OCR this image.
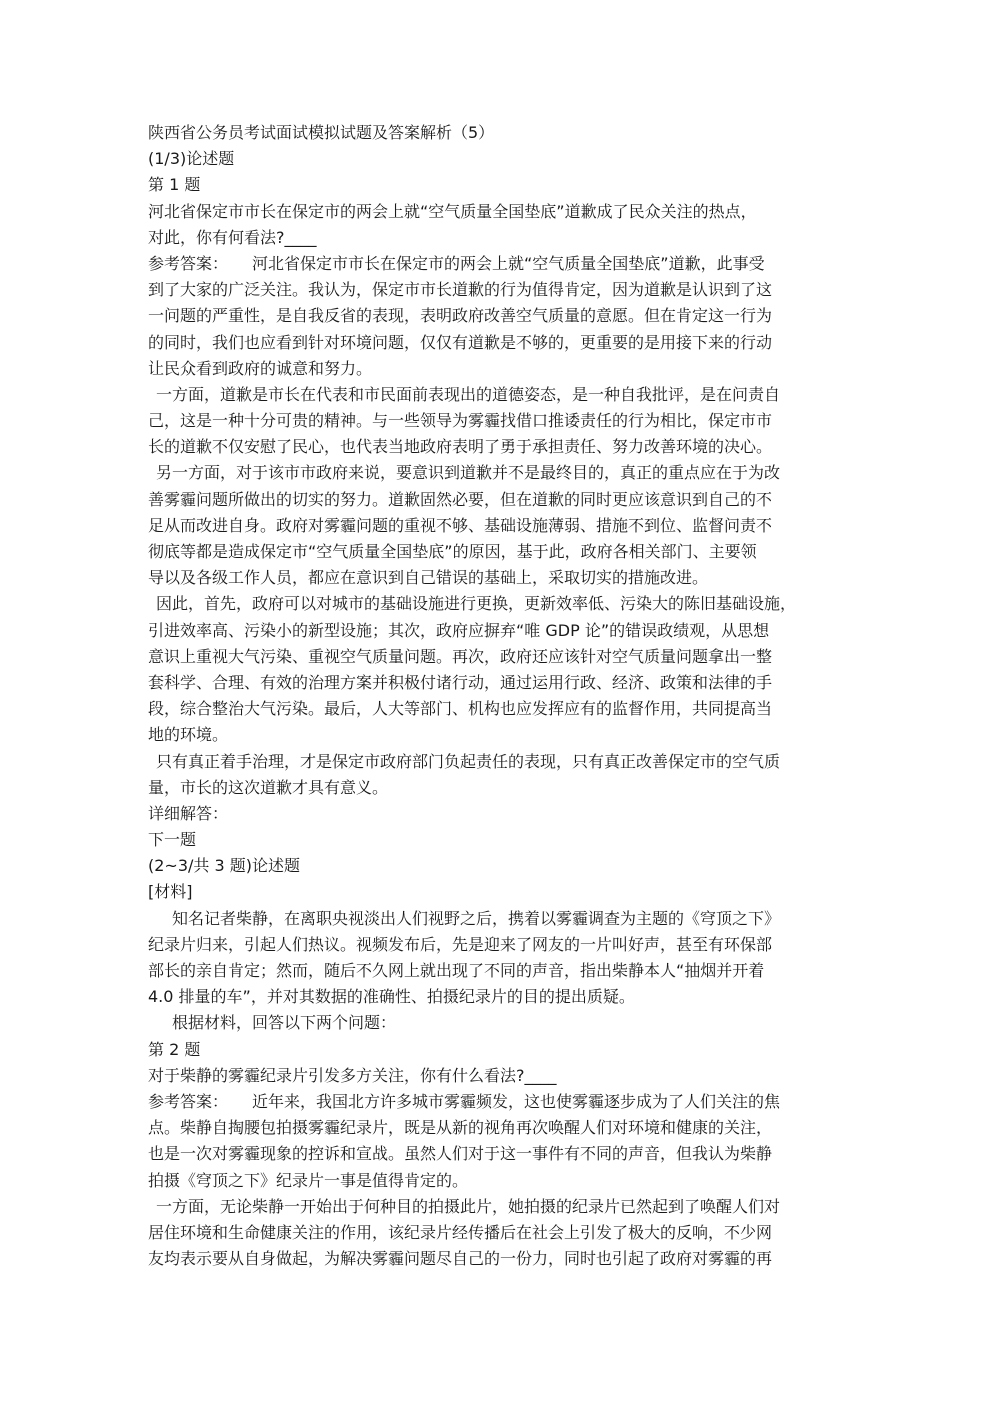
陕西省公务员考试面试模拟试题及答案解析（5）
(1/3)论述题
第 1 题
河北省保定市市长在保定市的两会上就“空气质量全国垫底”道歉成了民众关注的热点，
对此，你有何看法?____
参考答案：　　河北省保定市市长在保定市的两会上就“空气质量全国垫底”道歉，此事受
到了大家的广泛关注。我认为，保定市市长道歉的行为值得肯定，因为道歉是认识到了这
一问题的严重性，是自我反省的表现，表明政府改善空气质量的意愿。但在肯定这一行为
的同时，我们也应看到针对环境问题，仅仅有道歉是不够的，更重要的是用接下来的行动
让民众看到政府的诚意和努力。
一方面，道歉是市长在代表和市民面前表现出的道德姿态，是一种自我批评，是在问责自
己，这是一种十分可贵的精神。与一些领导为雾霾找借口推诿责任的行为相比，保定市市
长的道歉不仅安慰了民心，也代表当地政府表明了勇于承担责任、努力改善环境的决心。
另一方面，对于该市市政府来说，要意识到道歉并不是最终目的，真正的重点应在于为改
善雾霾问题所做出的切实的努力。道歉固然必要，但在道歉的同时更应该意识到自己的不
足从而改进自身。政府对雾霾问题的重视不够、基础设施薄弱、措施不到位、监督问责不
彻底等都是造成保定市“空气质量全国垫底”的原因，基于此，政府各相关部门、主要领
导以及各级工作人员，都应在意识到自己错误的基础上，采取切实的措施改进。
因此，首先，政府可以对城市的基础设施进行更换，更新效率低、污染大的陈旧基础设施，
引进效率高、污染小的新型设施；其次，政府应摒弃“唯 GDP 论”的错误政绩观，从思想
意识上重视大气污染、重视空气质量问题。再次，政府还应该针对空气质量问题拿出一整
套科学、合理、有效的治理方案并积极付诸行动，通过运用行政、经济、政策和法律的手
段，综合整治大气污染。最后，人大等部门、机构也应发挥应有的监督作用，共同提高当
地的环境。
只有真正着手治理，才是保定市政府部门负起责任的表现，只有真正改善保定市的空气质
量，市长的这次道歉才具有意义。
详细解答：
下一题
(2~3/共 3 题)论述题
[材料]
知名记者柴静，在离职央视淡出人们视野之后，携着以雾霾调查为主题的《穹顶之下》
纪录片归来，引起人们热议。视频发布后，先是迎来了网友的一片叫好声，甚至有环保部
部长的亲自肯定；然而，随后不久网上就出现了不同的声音，指出柴静本人“抽烟并开着
4.0 排量的车”，并对其数据的准确性、拍摄纪录片的目的提出质疑。
根据材料，回答以下两个问题：
第 2 题
对于柴静的雾霾纪录片引发多方关注，你有什么看法?____
参考答案：　　近年来，我国北方许多城市雾霾频发，这也使雾霾逐步成为了人们关注的焦
点。柴静自掏腰包拍摄雾霾纪录片，既是从新的视角再次唤醒人们对环境和健康的关注，
也是一次对雾霾现象的控诉和宣战。虽然人们对于这一事件有不同的声音，但我认为柴静
拍摄《穹顶之下》纪录片一事是值得肯定的。
一方面，无论柴静一开始出于何种目的拍摄此片，她拍摄的纪录片已然起到了唤醒人们对
居住环境和生命健康关注的作用，该纪录片经传播后在社会上引发了极大的反响，不少网
友均表示要从自身做起，为解决雾霾问题尽自己的一份力，同时也引起了政府对雾霾的再
